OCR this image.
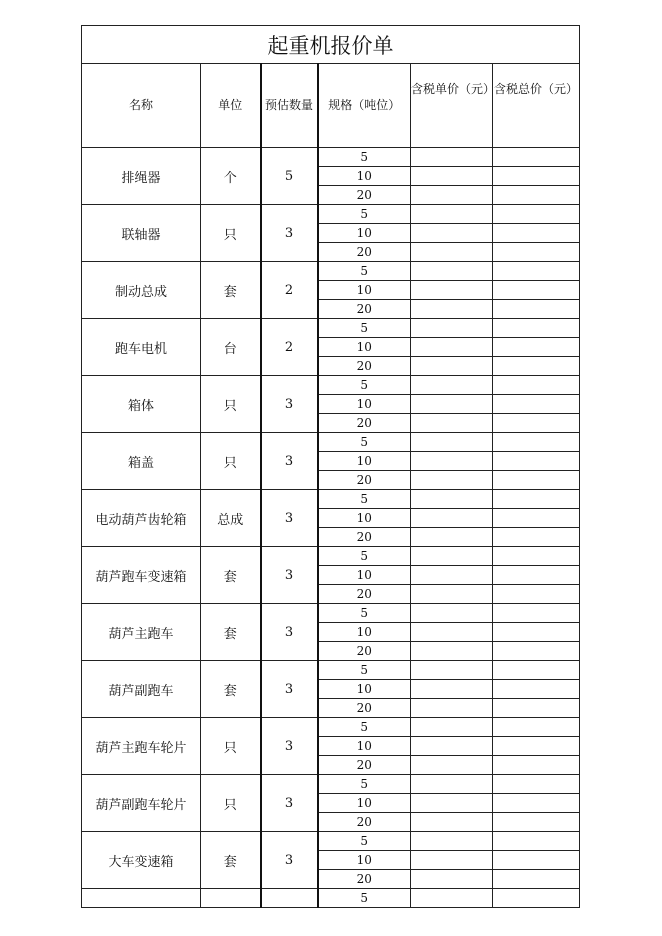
起重机报价单					
名称	单位	预估数量	规格（吨位）	含税单价（元）	含税总价（元）
排绳器	个	5	5		
			10		
			20		
联轴器	只	3	5		
			10		
			20		
制动总成	套	2	5		
			10		
			20		
跑车电机	台	2	5		
			10		
			20		
箱体	只	3	5		
			10		
			20		
箱盖	只	3	5		
			10		
			20		
电动葫芦齿轮箱	总成	3	5		
			10		
			20		
葫芦跑车变速箱	套	3	5		
			10		
			20		
葫芦主跑车	套	3	5		
			10		
			20		
葫芦副跑车	套	3	5		
			10		
			20		
葫芦主跑车轮片	只	3	5		
			10		
			20		
葫芦副跑车轮片	只	3	5		
			10		
			20		
大车变速箱	套	3	5		
			10		
			20		
			5		
